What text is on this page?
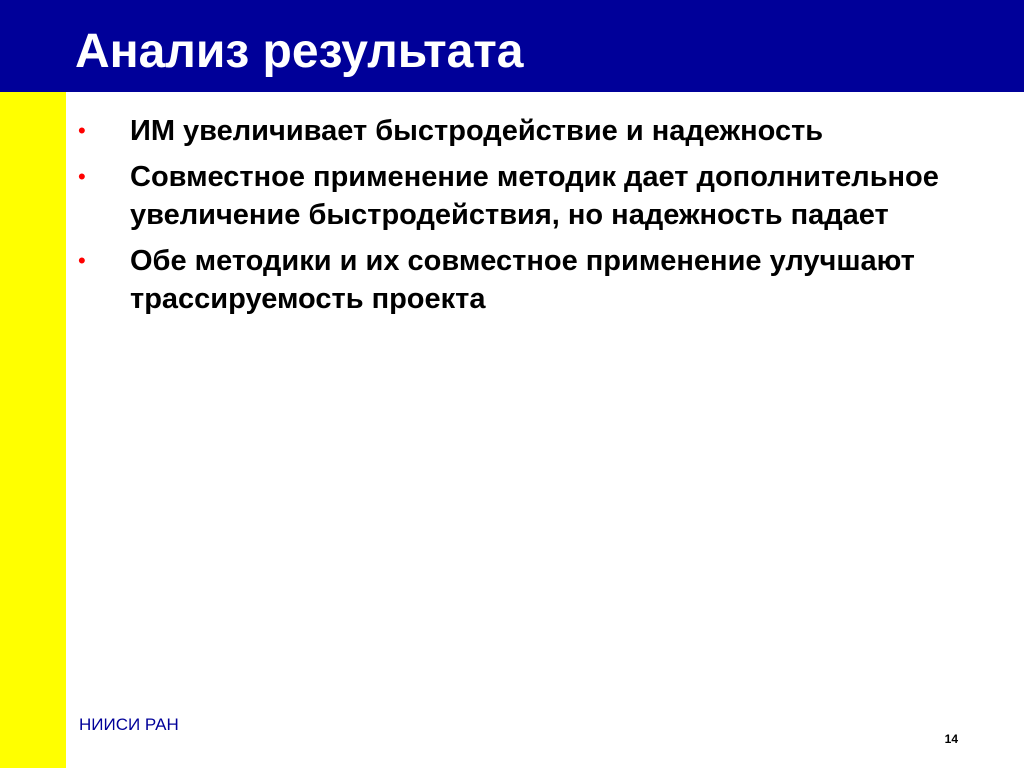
Анализ результата
• ИМ увеличивает быстродействие и надежность
• Совместное применение методик дает дополнительное увеличение быстродействия, но надежность падает
• Обе методики и их совместное применение улучшают трассируемость проекта
НИИСИ РАН
14
